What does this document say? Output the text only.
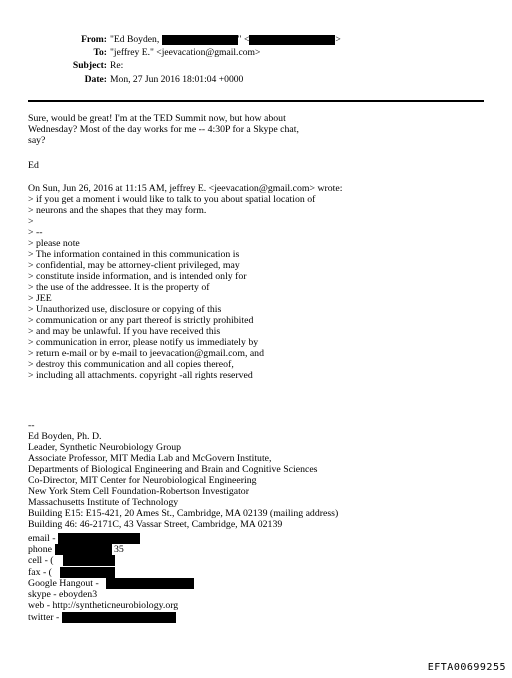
From: "Ed Boyden,	" <	>
To: "jeffrey E." <jeevacation@gmail.com>
Subject: Re:
Date: Mon, 27 Jun 2016 18:01:04 +0000
Sure, would be great! I'm at the TED Summit now, but how about
Wednesday? Most of the day works for me -- 4:30P for a Skype chat,
say?
Ed
On Sun, Jun 26, 2016 at 11:15 AM, jeffrey E. <jeevacation@gmail.com> wrote:
> if you get a moment i would like to talk to you about spatial location of
> neurons and the shapes that they may form.
>
> --
> please note
> The information contained in this communication is
> confidential, may be attorney-client privileged, may
> constitute inside information, and is intended only for
> the use of the addressee. It is the property of
> JEE
> Unauthorized use, disclosure or copying of this
> communication or any part thereof is strictly prohibited
> and may be unlawful. If you have received this
> communication in error, please notify us immediately by
> return e-mail or by e-mail to jeevacation@gmail.com, and
> destroy this communication and all copies thereof,
> including all attachments. copyright -all rights reserved
--
Ed Boyden, Ph. D.
Leader, Synthetic Neurobiology Group
Associate Professor, MIT Media Lab and McGovern Institute,
Departments of Biological Engineering and Brain and Cognitive Sciences
Co-Director, MIT Center for Neurobiological Engineering
New York Stem Cell Foundation-Robertson Investigator
Massachusetts Institute of Technology
Building E15: E15-421, 20 Ames St., Cambridge, MA 02139 (mailing address)
Building 46: 46-2171C, 43 Vassar Street, Cambridge, MA 02139
email -
phone	35
cell - (
fax - (
Google Hangout -
skype - eboyden3
web - http://syntheticneurobiology.org
twitter -
EFTA00699255
